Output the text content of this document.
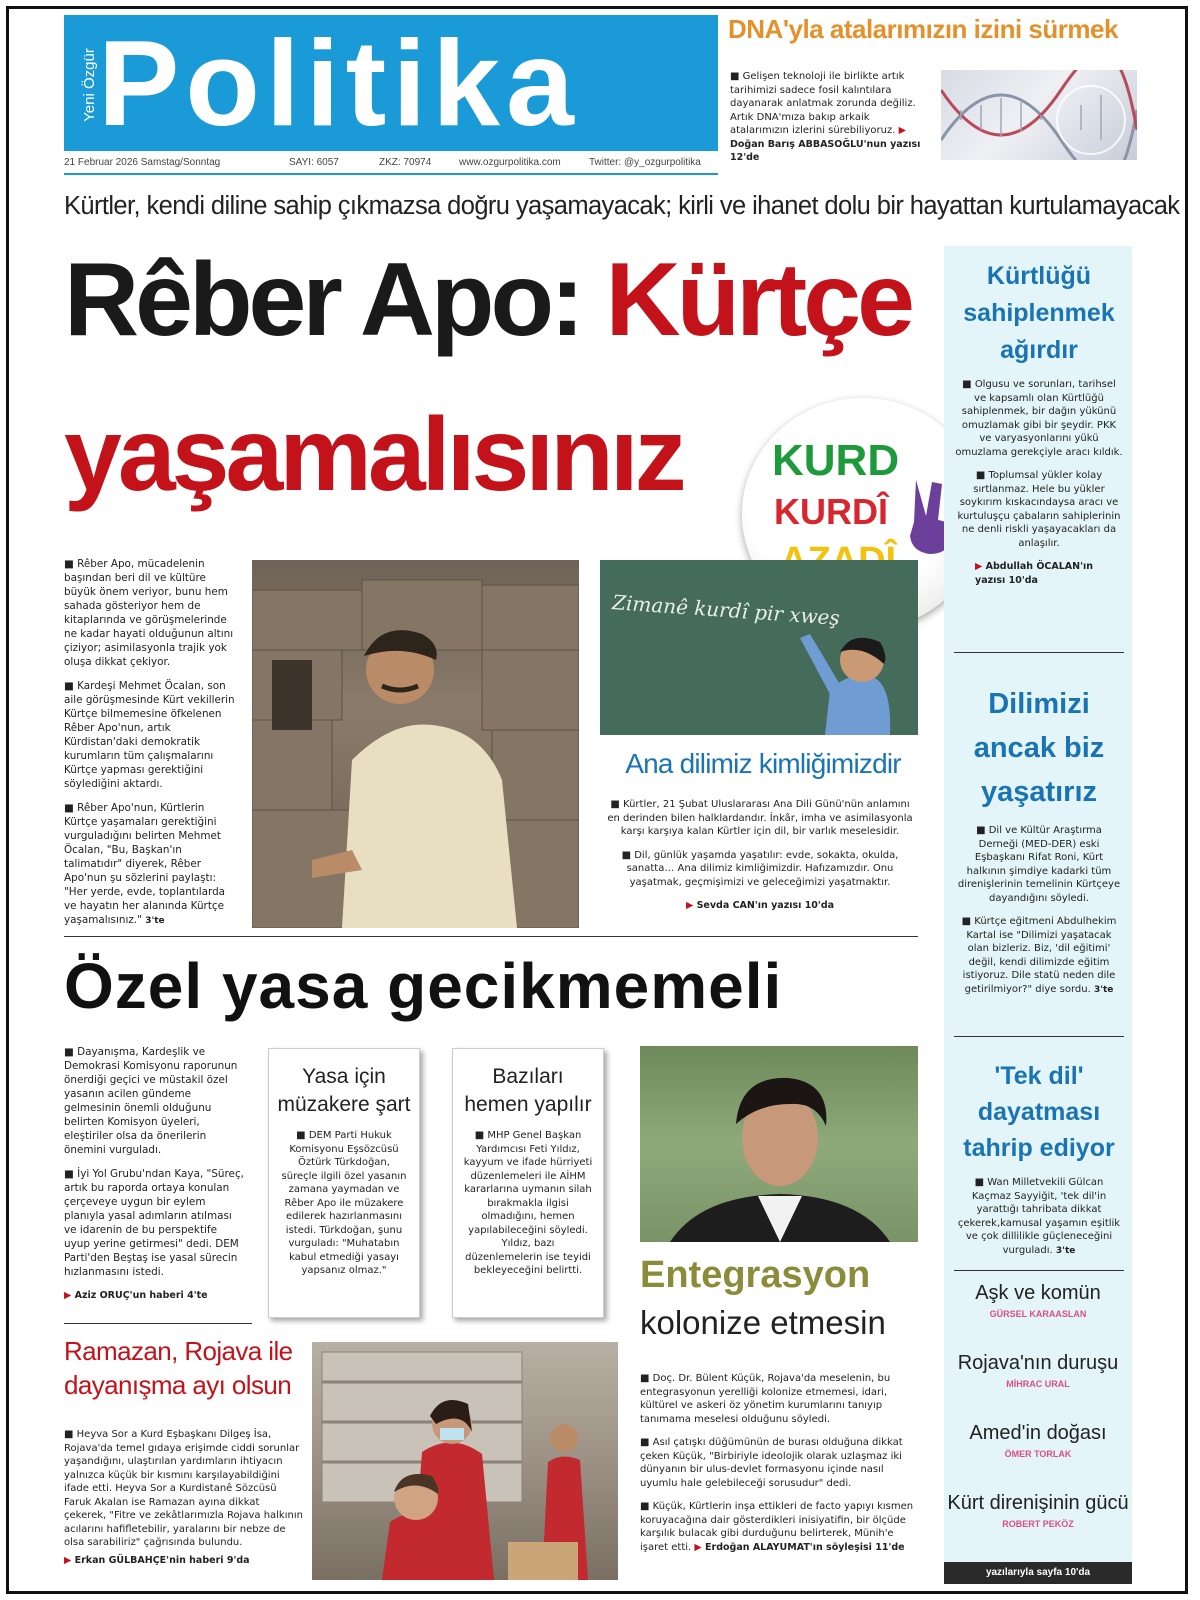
Yeni Özgür Politika
21 Februar 2026 Samstag/Sonntag	SAYI: 6057	ZKZ: 70974	www.ozgurpolitika.com	Twitter: @y_ozgurpolitika
DNA'yla atalarımızın izini sürmek
■ Gelişen teknoloji ile birlikte artık tarihimizi sadece fosil kalıntılara dayanarak anlatmak zorunda değiliz. Artık DNA'mıza bakıp arkaik atalarımızın izlerini sürebiliyoruz. ▶ Doğan Barış ABBASOĞLU'nun yazısı 12'de
Kürtler, kendi diline sahip çıkmazsa doğru yaşamayacak; kirli ve ihanet dolu bir hayattan kurtulamayacak
Rêber Apo: Kürtçe
yaşamalısınız	KURD
KURDÎ

■ Rêber Apo, mücadelenin başından beri dil ve kültüre büyük önem veriyor, bunu hem sahada gösteriyor hem de kitaplarında ve görüşmelerinde ne kadar hayati olduğunun altını çiziyor; asimilasyonla trajik yok oluşa dikkat çekiyor.

■ Kardeşi Mehmet Öcalan, son aile görüşmesinde Kürt vekillerin Kürtçe bilmemesine öfkelenen Rêber Apo'nun, artık Kürdistan'daki demokratik kurumların tüm çalışmalarını Kürtçe yapması gerektiğini söylediğini aktardı.

■ Rêber Apo'nun, Kürtlerin Kürtçe yaşamaları gerektiğini vurguladığını belirten Mehmet Öcalan, "Bu, Başkan'ın talimatıdır" diyerek, Rêber Apo'nun şu sözlerini paylaştı: "Her yerde, evde, toplantılarda ve hayatın her alanında Kürtçe yaşamalısınız." 3'te

Zimanê kurdî pir xweş
Ana dilimiz kimliğimizdir

■ Kürtler, 21 Şubat Uluslararası Ana Dili Günü'nün anlamını en derinden bilen halklardandır. İnkâr, imha ve asimilasyonla karşı karşıya kalan Kürtler için dil, bir varlık meselesidir.

■ Dil, günlük yaşamda yaşatılır: evde, sokakta, okulda, sanatta… Ana dilimiz kimliğimizdir. Hafızamızdır. Onu yaşatmak, geçmişimizi ve geleceğimizi yaşatmaktır.

▶ Sevda CAN'ın yazısı 10'da
Kürtlüğü sahiplenmek ağırdır

■ Olgusu ve sorunları, tarihsel ve kapsamlı olan Kürtlüğü sahiplenmek, bir dağın yükünü omuzlamak gibi bir şeydir. PKK ve varyasyonlarını yükü omuzlama gerekçiyle aracı kıldık.

■ Toplumsal yükler kolay sırtlanmaz. Hele bu yükler soykırım kıskacındaysa aracı ve kurtuluşçu çabaların sahiplerinin ne denli riskli yaşayacakları da anlaşılır.

▶ Abdullah ÖCALAN'ın yazısı 10'da
Dilimizi ancak biz yaşatırız

■ Dil ve Kültür Araştırma Derneği (MED-DER) eski Eşbaşkanı Rifat Roni, Kürt halkının şimdiye kadarki tüm direnişlerinin temelinin Kürtçeye dayandığını söyledi.

■ Kürtçe eğitmeni Abdulhekim Kartal ise "Dilimizi yaşatacak olan bizleriz. Biz, 'dil eğitimi' değil, kendi dilimizde eğitim istiyoruz. Dile statü neden dile getirilmiyor?" diye sordu. 3'te

'Tek dil' dayatması tahrip ediyor

■ Wan Milletvekili Gülcan Kaçmaz Sayyiğit, 'tek dil'in yarattığı tahribata dikkat çekerek,kamusal yaşamın eşitlik ve çok dillilikle güçleneceğini vurguladı. 3'te

Aşk ve komün
GÜRSEL KARAASLAN
Rojava'nın duruşu
MİHRAC URAL
Amed'in doğası
ÖMER TORLAK
Kürt direnişinin gücü
ROBERT PEKÖZ
yazılarıyla sayfa 10'da
Özel yasa gecikmemeli

■ Dayanışma, Kardeşlik ve Demokrasi Komisyonu raporunun önerdiği geçici ve müstakil özel yasanın acilen gündeme gelmesinin önemli olduğunu belirten Komisyon üyeleri, eleştiriler olsa da önerilerin önemini vurguladı.

■ İyi Yol Grubu'ndan Kaya, "Süreç, artık bu raporda ortaya konulan çerçeveye uygun bir eylem planıyla yasal adımların atılması ve idarenin de bu perspektife uyup yerine getirmesi" dedi. DEM Parti'den Beştaş ise yasal sürecin hızlanmasını istedi.

▶ Aziz ORUÇ'un haberi 4'te
Yasa için müzakere şart
■ DEM Parti Hukuk Komisyonu Eşsözcüsü Öztürk Türkdoğan, süreçle ilgili özel yasanın zamana yaymadan ve Rêber Apo ile müzakere edilerek hazırlanmasını istedi. Türkdoğan, şunu vurguladı: "Muhatabın kabul etmediği yasayı yapsanız olmaz."
Bazıları hemen yapılır
■ MHP Genel Başkan Yardımcısı Feti Yıldız, kayyum ve ifade hürriyeti düzenlemeleri ile AİHM kararlarına uymanın silah bırakmakla ilgisi olmadığını, hemen yapılabileceğini söyledi. Yıldız, bazı düzenlemelerin ise teyidi bekleyeceğini belirtti. Entegrasyon
kolonize etmesin

■ Doç. Dr. Bülent Küçük, Rojava'da meselenin, bu entegrasyonun yerelliği kolonize etmemesi, idari, kültürel ve askeri öz yönetim kurumlarını tanıyıp tanımama meselesi olduğunu söyledi.

■ Asıl çatışkı düğümünün de burası olduğuna dikkat çeken Küçük, "Birbiriyle ideolojik olarak uzlaşmaz iki dünyanın bir ulus-devlet formasyonu içinde nasıl uyumlu hale gelebileceği sorusudur" dedi.

■ Küçük, Kürtlerin inşa ettikleri de facto yapıyı kısmen koruyacağına dair gösterdikleri inisiyatifin, bir ölçüde karşılık bulacak gibi durduğunu belirterek, Münih'e işaret etti. ▶ Erdoğan ALAYUMAT'ın söyleşisi 11'de

Ramazan, Rojava ile dayanışma ayı olsun

■ Heyva Sor a Kurd Eşbaşkanı Dilgeş İsa, Rojava'da temel gıdaya erişimde ciddi sorunlar yaşandığını, ulaştırılan yardımların ihtiyacın yalnızca küçük bir kısmını karşılayabildiğini ifade etti. Heyva Sor a Kurdistanê Sözcüsü Faruk Akalan ise Ramazan ayına dikkat çekerek, "Fitre ve zekâtlarımızla Rojava halkının acılarını hafifletebilir, yaralarını bir nebze de olsa sarabiliriz" çağrısında bulundu.

▶ Erkan GÜLBAHÇE'nin haberi 9'da
